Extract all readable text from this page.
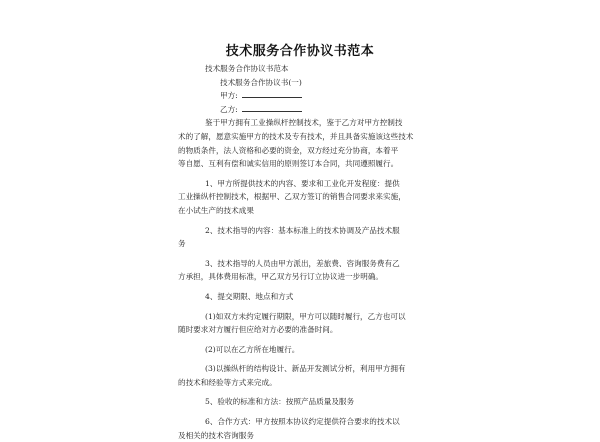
技术服务合作协议书范本
技术服务合作协议书范本
技术服务合作协议书(一)
甲方:
乙方:
鉴于甲方拥有工业操纵杆控制技术，鉴于乙方对甲方控制技
术的了解，愿意实施甲方的技术及专有技术，并且具备实施该这些技术
的物质条件，法人资格和必要的资金，双方经过充分协商，本着平
等自愿、互利有偿和诚实信用的原则签订本合同，共同遵照履行。
1、甲方所提供技术的内容、要求和工业化开发程度：提供
工业操纵杆控制技术，根据甲、乙双方签订的销售合同要求来实施，
在小试生产的技术成果
2、技术指导的内容：基本标准上的技术协调及产品技术服
务
3、技术指导的人员由甲方派出，差旅费、咨询服务费有乙
方承担，具体费用标准，甲乙双方另行订立协议进一步明确。
4、提交期限、地点和方式
(1)如双方未约定履行期限，甲方可以随时履行，乙方也可以
随时要求对方履行但应给对方必要的准备时间。
(2)可以在乙方所在地履行。
(3)以操纵杆的结构设计、新品开发测试分析，利用甲方拥有
的技术和经验等方式来完成。
5、验收的标准和方法：按照产品质量及服务
6、合作方式：甲方按照本协议约定提供符合要求的技术以
及相关的技术咨询服务
